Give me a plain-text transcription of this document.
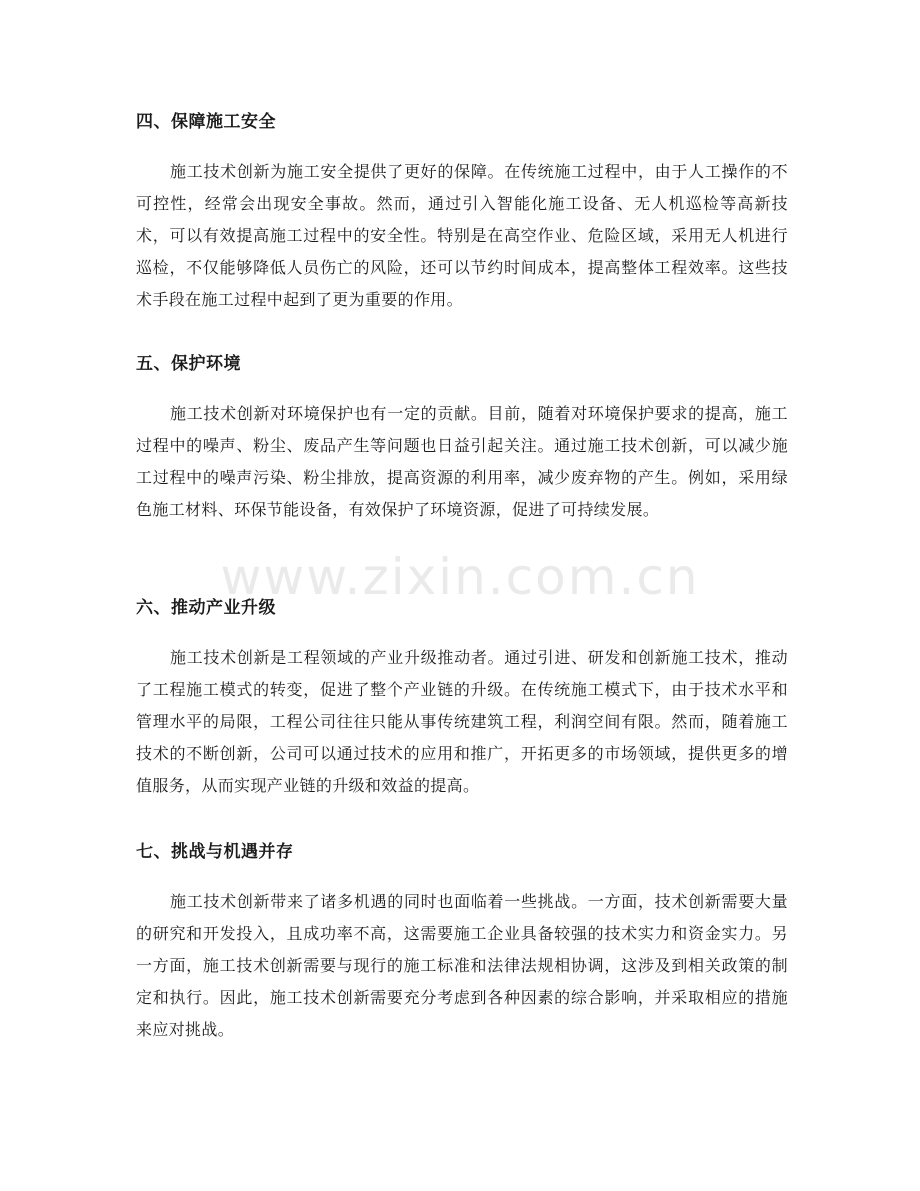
四、保障施工安全

施工技术创新为施工安全提供了更好的保障。在传统施工过程中，由于人工操作的不可控性，经常会出现安全事故。然而，通过引入智能化施工设备、无人机巡检等高新技术，可以有效提高施工过程中的安全性。特别是在高空作业、危险区域，采用无人机进行巡检，不仅能够降低人员伤亡的风险，还可以节约时间成本，提高整体工程效率。这些技术手段在施工过程中起到了更为重要的作用。

五、保护环境

施工技术创新对环境保护也有一定的贡献。目前，随着对环境保护要求的提高，施工过程中的噪声、粉尘、废品产生等问题也日益引起关注。通过施工技术创新，可以减少施工过程中的噪声污染、粉尘排放，提高资源的利用率，减少废弃物的产生。例如，采用绿色施工材料、环保节能设备，有效保护了环境资源，促进了可持续发展。

六、推动产业升级

施工技术创新是工程领域的产业升级推动者。通过引进、研发和创新施工技术，推动了工程施工模式的转变，促进了整个产业链的升级。在传统施工模式下，由于技术水平和管理水平的局限，工程公司往往只能从事传统建筑工程，利润空间有限。然而，随着施工技术的不断创新，公司可以通过技术的应用和推广，开拓更多的市场领域，提供更多的增值服务，从而实现产业链的升级和效益的提高。

七、挑战与机遇并存

施工技术创新带来了诸多机遇的同时也面临着一些挑战。一方面，技术创新需要大量的研究和开发投入，且成功率不高，这需要施工企业具备较强的技术实力和资金实力。另一方面，施工技术创新需要与现行的施工标准和法律法规相协调，这涉及到相关政策的制定和执行。因此，施工技术创新需要充分考虑到各种因素的综合影响，并采取相应的措施来应对挑战。

www.zixin.com.cn
